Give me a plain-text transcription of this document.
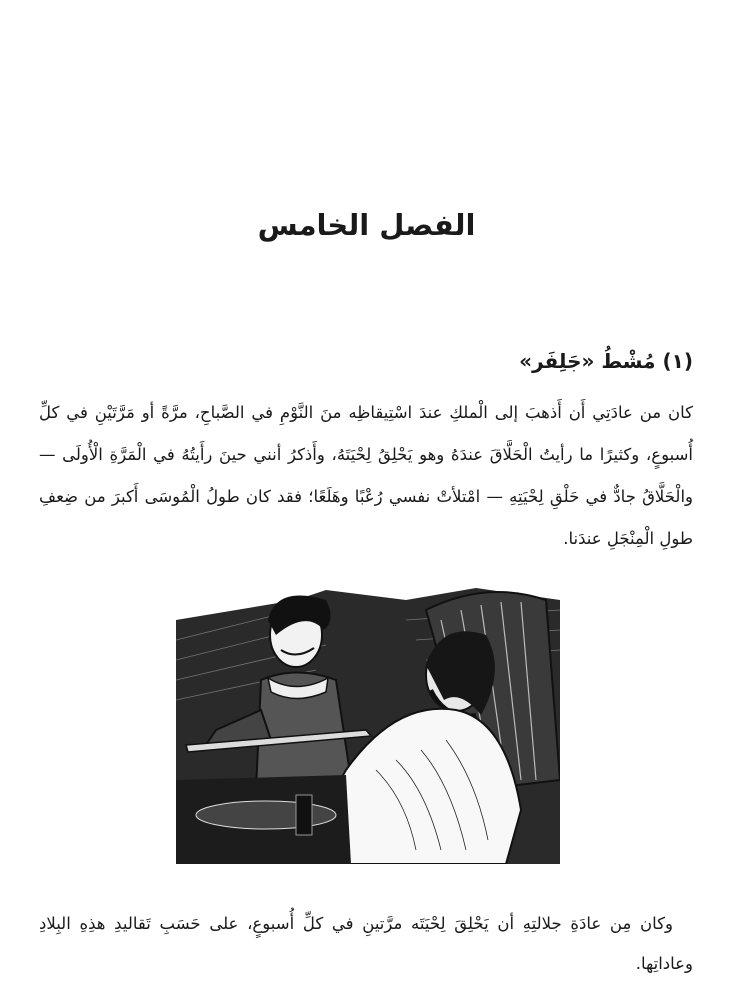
الفصل الخامس
(١) مُشْطُ «جَلِفَر»

كان من عادَتِي أَن أَذهبَ إلى الْملكِ عندَ اسْتِيقاظِه منَ النَّوْمِ في الصَّباحِ، مرَّةً أو مَرَّتَيْنِ في كلِّ أُسبوعٍ، وكثيرًا ما رأيتُ الْحَلَّاقَ عندَهُ وهو يَحْلِقُ لِحْيَتَهُ، وأَذكرُ أنني حينَ رأَيتُهُ في الْمَرَّةِ الْأُولَى — والْحَلَّاقُ جادٌّ في حَلْقِ لِحْيَتِهِ — امْتلأتْ نفسي رُعْبًا وهَلَعًا؛ فقد كان طولُ الْمُوسَى أَكبرَ من ضِعفِ طولِ الْمِنْجَلِ عندَنا.

وكان مِن عادَةِ جلالتِهِ أن يَحْلِقَ لِحْيَتَه مرَّتينِ في كلِّ أُسبوعٍ، على حَسَبِ تَقاليدِ هذِهِ البِلادِ وعاداتِها.
